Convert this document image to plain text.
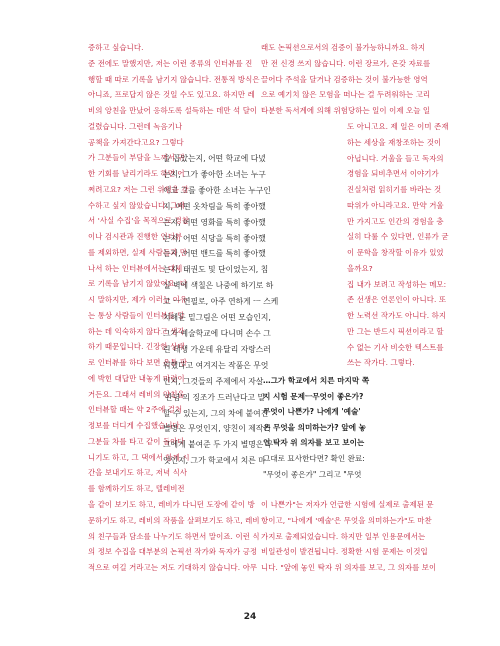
증하고 싶습니다.
준 전에도 말했지만, 저는 이런 종류의 인터뷰를 진
행할 때 따로 기록을 남기지 않습니다. 전통적 방식은
아니죠, 프로답지 않은 것일 수도 있고요. 하지만 레
비의 앙친을 만났어 응하도록 설득하는 데만 석 달이
걸렸습니다. 그런데 녹음기나
공책을 가져간다고요? 그렇다
가 그분들이 부담을 느껴서 귀
한 기회를 날리기라도 하면 어
쩌려고요? 저는 그런 위험을 감
수하고 싶지 않았습니다. 그래
서 '사실 수집'을 목적으로 경찰
이나 검시관과 진행한 인터뷰
를 제외하면, 실제 사람들과 만
나서 하는 인터뷰에서는 대체
로 기록을 남기지 않았어요. 다
시 말하지만, 제가 이러는 이유
는 통상 사람들이 인터뷰를 당
하는 데 익숙하지 않다고 생각
하기 때문입니다. 긴장한 상태
로 인터뷰를 하다 보면 온통 판
에 박힌 대답만 내놓게 마련이
거든요. 그래서 레비의 양친을
인터뷰할 때는 약 2주에 걸쳐
정보를 더디게 수집했습니다.
그분들 차를 타고 같이 돌아다
니기도 하고, 그 댁에서 함께 시
간을 보내기도 하고, 저녁 식사
를 함께하기도 하고, 텔레비전
을 같이 보기도 하고, 레비가 다니던 도장에 같이 방
문하기도 하고, 레비의 작품을 살펴보기도 하고, 레비
의 친구들과 담소를 나누기도 하면서 말이죠. 이런 식
의 정보 수집을 대부분의 논픽션 작가와 독자가 긍정
적으로 여길 거라고는 저도 기대하지 않습니다. 아무
을 꼽았는지, 어떤 학교에 다녔
는지, 그가 좋아한 소녀는 누구
이고 그를 좋아한 소녀는 누구인
지, 어떤 옷차림을 특히 좋아했
는지, 어떤 영화를 특히 좋아했
는지, 어떤 식당을 특히 좋아했
는지, 어떤 밴드를 특히 좋아했
는지, 태권도 및 단이었는지, 침
실 벽에 색칠은 나중에 하기로 하
고 ㅡ 연필로, 아주 연하게 ㅡ 스케
치해둔 밑그림은 어떤 모습인지,
그가 예술학교에 다니며 손수 그
린 데생 가운데 유달리 자랑스러
워했다고 여겨지는 작품은 무엇
인지, 그것들의 주제에서 자살
'관념'의 징조가 드러난다고 말
할 수 있는지, 그의 차에 붙여진
별명은 무엇인지, 양친이 제작기
그에게 붙여준 두 가지 별명은 무
엇인지, 그가 학교에서 치른 마
래도 논픽션으로서의 검증이 불가능하니까요. 하지
만 전 신경 쓰지 않습니다. 이런 장르가, 온갖 자료를
끌어다 주석을 달거나 검증하는 것이 불가능한 영역
으로 예기치 않은 모험을 떠나는 걸 두려워하는 고리
타분한 독서계에 의해 위험당하는 일이 이제 오늘 일
도 아니고요. 제 일은 이미 존재
하는 세상을 재창조하는 것이
아닙니다. 거울을 들고 독자의
경험을 되비추면서 이야기가
진실처럼 읽히기를 바라는 것
따위가 아니라고요. 만약 거울
만 가지고도 인간의 경험을 충
실히 다룰 수 있다면, 인류가 굳
이 문학을 창작할 이유가 있었
을까요?
집 내가 보려고 작성하는 메모:
존 선생은 언론인이 아니다. 또
한 노력선 작가도 아니다. 하지
만 그는 반드시 픽션이라고 할
수 없는 기사 비슷한 텍스트를
쓰는 작가다. 그렇다.
…그가 학교에서 치른 마지막 쪽
지 시험 문제ㅡ무엇이 좋은가?
무엇이 나쁜가? 나에게 '예술'
은 무엇을 의미하는가? 앞에 놓
인 탁자 위 의자를 보고 보이는
그대로 묘사한다면? 확인 완료:
"무엇이 좋은가" 그리고 "무엇
이 나쁜가"는 저자가 언급한 시험에 실제로 출제된 문
항이고, "나에게 '예술'은 무엇을 의미하는가"도 마찬
가지로 출제되었습니다. 하지만 일부 인용문에서는
비일관성이 발견됩니다. 정확한 시험 문제는 이것입
니다. "앞에 놓인 탁자 위 의자를 보고, 그 의자를 보이
24
